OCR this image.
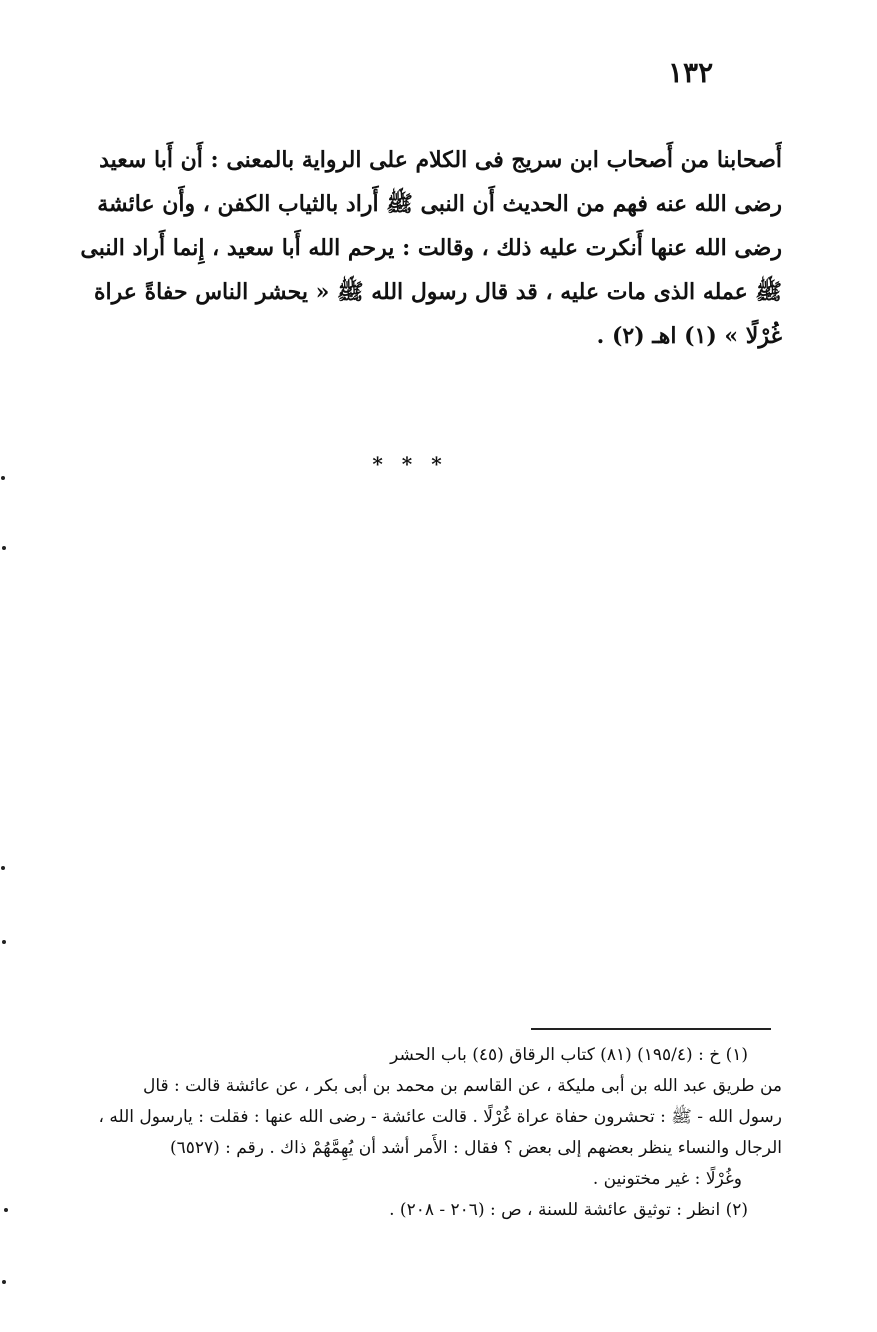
١٣٢
أَصحابنا من أَصحاب ابن سريج فى الكلام على الرواية بالمعنى : أَن أَبا سعيد
رضى الله عنه فهم من الحديث أَن النبى ﷺ أَراد بالثياب الكفن ، وأَن عائشة
رضى الله عنها أَنكرت عليه ذلك ، وقالت : يرحم الله أَبا سعيد ، إِنما أَراد النبى
ﷺ عمله الذى مات عليه ، قد قال رسول الله ﷺ « يحشر الناس حفاةً عراة
غُرْلًا » (١) اهـ (٢) .
* * *
(١) خ : (١٩٥/٤) (٨١) كتاب الرقاق (٤٥) باب الحشر
من طريق عبد الله بن أبى مليكة ، عن القاسم بن محمد بن أبى بكر ، عن عائشة قالت : قال
رسول الله - ﷺ : تحشرون حفاة عراة غُرْلًا . قالت عائشة - رضى الله عنها : فقلت : يارسول الله ،
الرجال والنساء ينظر بعضهم إلى بعض ؟ فقال : الأَمر أشد أن يُهِمَّهُمْ ذاك . رقم : (٦٥٢٧)
وغُرْلًا : غير مختونين .
(٢) انظر : توثيق عائشة للسنة ، ص : (٢٠٦ - ٢٠٨) .
